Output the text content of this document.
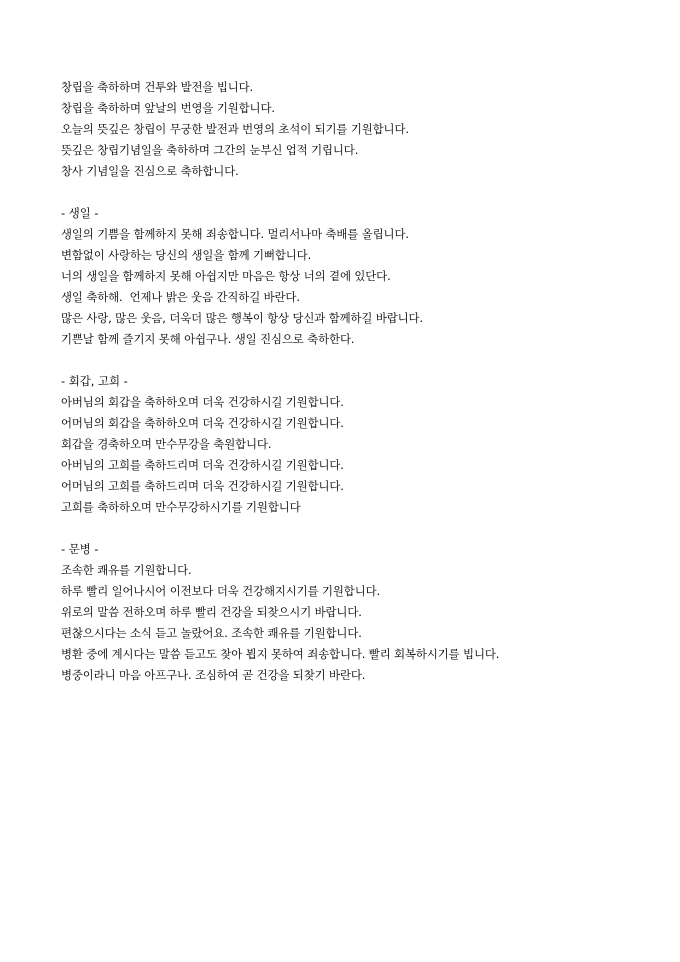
창립을 축하하며 건투와 발전을 빕니다.
창립을 축하하며 앞날의 번영을 기원합니다.
오늘의 뜻깊은 창립이 무궁한 발전과 번영의 초석이 되기를 기원합니다.
뜻깊은 창립기념일을 축하하며 그간의 눈부신 업적 기립니다.
창사 기념일을 진심으로 축하합니다.
- 생일 -
생일의 기쁨을 함께하지 못해 죄송합니다. 멀리서나마 축배를 올립니다.
변함없이 사랑하는 당신의 생일을 함께 기뻐합니다.
너의 생일을 함께하지 못해 아쉽지만 마음은 항상 너의 곁에 있단다.
생일 축하해.  언제나 밝은 웃음 간직하길 바란다.
많은 사랑, 많은 웃음, 더욱더 많은 행복이 항상 당신과 함께하길 바랍니다.
기쁜날 함께 즐기지 못해 아쉽구나. 생일 진심으로 축하한다.
- 회갑, 고희 -
아버님의 회갑을 축하하오며 더욱 건강하시길 기원합니다.
어머님의 회갑을 축하하오며 더욱 건강하시길 기원합니다.
회갑을 경축하오며 만수무강을 축원합니다.
아버님의 고희를 축하드리며 더욱 건강하시길 기원합니다.
어머님의 고희를 축하드리며 더욱 건강하시길 기원합니다.
고희를 축하하오며 만수무강하시기를 기원합니다
- 문병 -
조속한 쾌유를 기원합니다.
하루 빨리 일어나시어 이전보다 더욱 건강해지시기를 기원합니다.
위로의 말씀 전하오며 하루 빨리 건강을 되찾으시기 바랍니다.
편찮으시다는 소식 듣고 놀랐어요. 조속한 쾌유를 기원합니다.
병환 중에 계시다는 말씀 듣고도 찾아 뵙지 못하여 죄송합니다. 빨리 회복하시기를 빕니다.
병중이라니 마음 아프구나. 조심하여 곧 건강을 되찾기 바란다.
